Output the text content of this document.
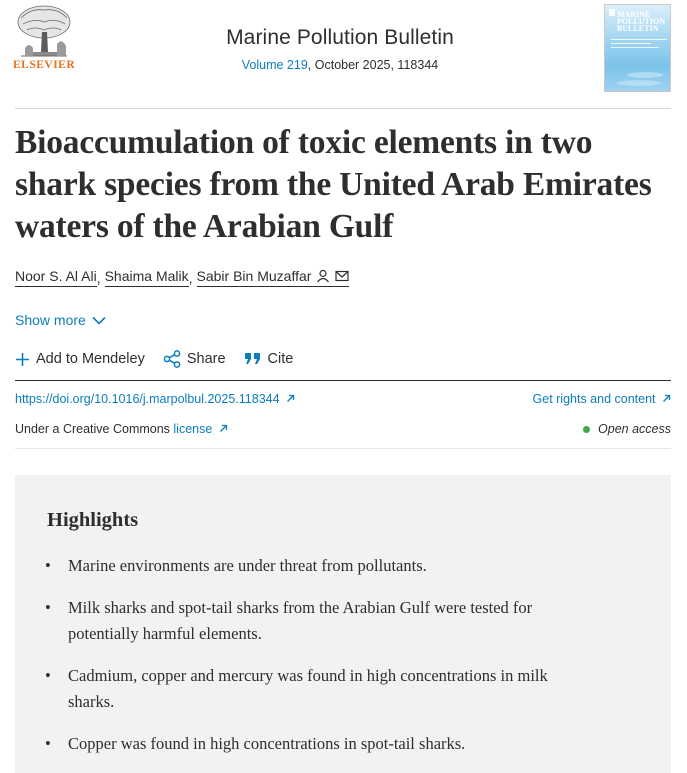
ELSEVIER
Marine Pollution Bulletin
Volume 219, October 2025, 118344
MARINE POLLUTION BULLETIN
Bioaccumulation of toxic elements in two shark species from the United Arab Emirates waters of the Arabian Gulf
Noor S. Al Ali , Shaima Malik , Sabir Bin Muzaffar
Show more
Add to Mendeley	Share	Cite
https://doi.org/10.1016/j.marpolbul.2025.118344	Get rights and content
Under a Creative Commons license	Open access
Highlights
• Marine environments are under threat from pollutants.
• Milk sharks and spot-tail sharks from the Arabian Gulf were tested for potentially harmful elements.
• Cadmium, copper and mercury was found in high concentrations in milk sharks.
• Copper was found in high concentrations in spot-tail sharks.
